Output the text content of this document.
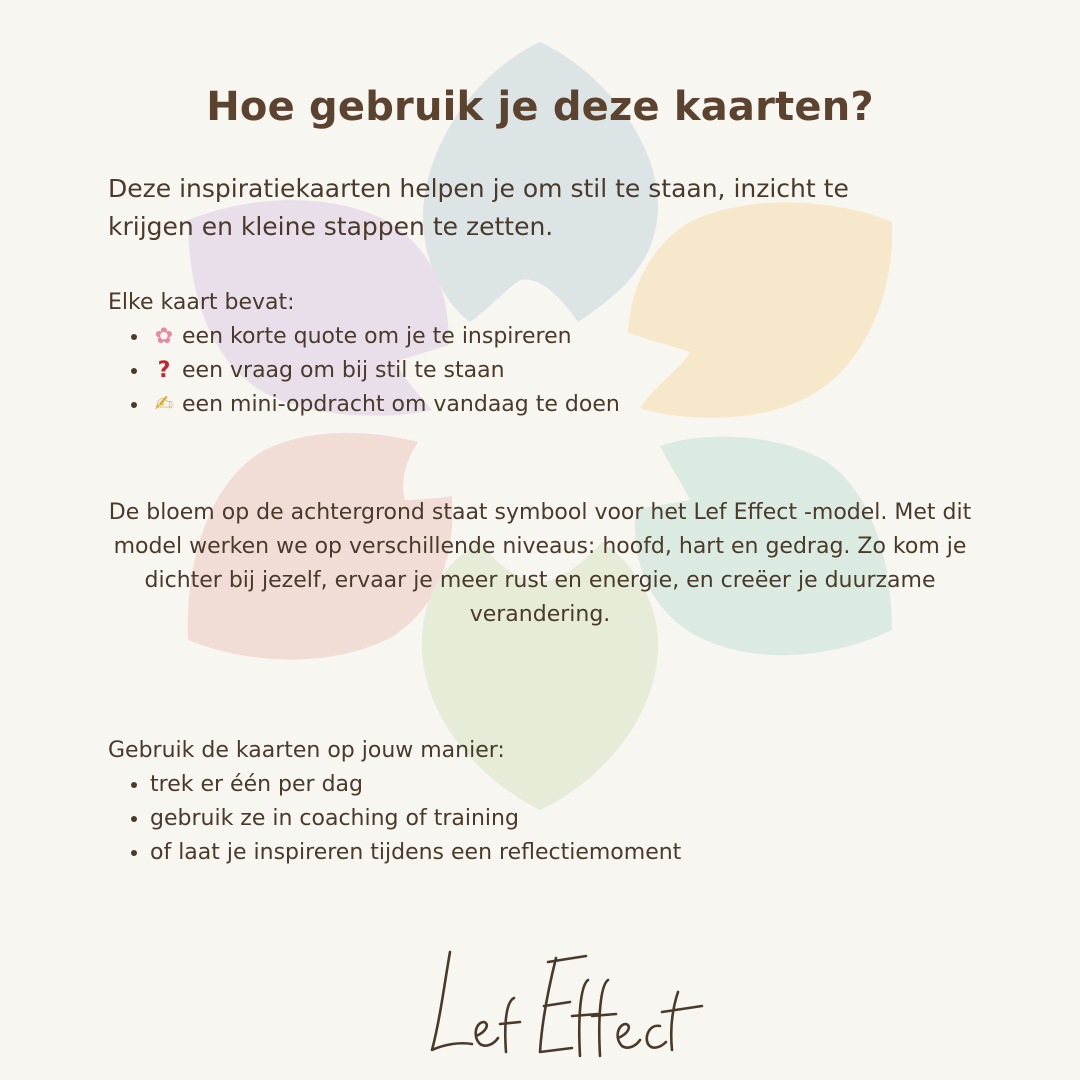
Hoe gebruik je deze kaarten?

Deze inspiratiekaarten helpen je om stil te staan, inzicht te krijgen en kleine stappen te zetten.

Elke kaart bevat:

• ✿ een korte quote om je te inspireren
• ? een vraag om bij stil te staan
• ✍ een mini-opdracht om vandaag te doen

De bloem op de achtergrond staat symbool voor het Lef Effect -model. Met dit model werken we op verschillende niveaus: hoofd, hart en gedrag. Zo kom je dichter bij jezelf, ervaar je meer rust en energie, en creëer je duurzame verandering.

Gebruik de kaarten op jouw manier:

• trek er één per dag
• gebruik ze in coaching of training
• of laat je inspireren tijdens een reflectiemoment
